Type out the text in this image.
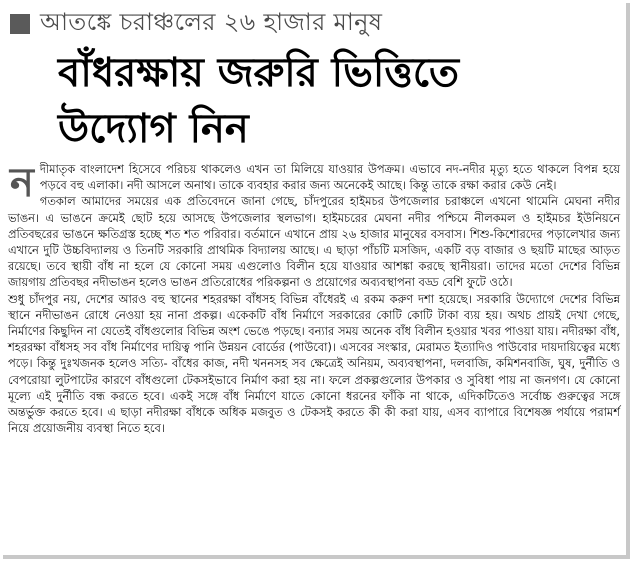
আতঙ্কে চরাঞ্চলের ২৬ হাজার মানুষ
বাঁধরক্ষায় জরুরি ভিত্তিতে
উদ্যোগ নিন

নদীমাতৃক বাংলাদেশ হিসেবে পরিচয় থাকলেও এখন তা মিলিয়ে যাওয়ার উপক্রম। এভাবে নদ-নদীর মৃত্যু হতে থাকলে বিপন্ন হয়ে পড়বে বহু এলাকা। নদী আসলে অনাথ। তাকে ব্যবহার করার জন্য অনেকেই আছে। কিন্তু তাকে রক্ষা করার কেউ নেই।

গতকাল আমাদের সময়ের এক প্রতিবেদনে জানা গেছে, চাঁদপুরের হাইমচর উপজেলার চরাঞ্চলে এখনো থামেনি মেঘনা নদীর ভাঙন। এ ভাঙনে ক্রমেই ছোট হয়ে আসছে উপজেলার স্থলভাগ। হাইমচরের মেঘনা নদীর পশ্চিমে নীলকমল ও হাইমচর ইউনিয়নে প্রতিবছরের ভাঙনে ক্ষতিগ্রস্ত হচ্ছে শত শত পরিবার। বর্তমানে এখানে প্রায় ২৬ হাজার মানুষের বসবাস। শিশু-কিশোরদের পড়ালেখার জন্য এখানে দুটি উচ্চবিদ্যালয় ও তিনটি সরকারি প্রাথমিক বিদ্যালয় আছে। এ ছাড়া পাঁচটি মসজিদ, একটি বড় বাজার ও ছয়টি মাছের আড়ত রয়েছে। তবে স্থায়ী বাঁধ না হলে যে কোনো সময় এগুলোও বিলীন হয়ে যাওয়ার আশঙ্কা করছে স্থানীয়রা। তাদের মতো দেশের বিভিন্ন জায়গায় প্রতিবছর নদীভাঙন হলেও ভাঙন প্রতিরোধের পরিকল্পনা ও প্রয়োগের অব্যবস্থাপনা বড্ড বেশি ফুটে ওঠে।

শুধু চাঁদপুর নয়, দেশের আরও বহু স্থানের শহররক্ষা বাঁধসহ বিভিন্ন বাঁধেরই এ রকম করুণ দশা হয়েছে। সরকারি উদ্যোগে দেশের বিভিন্ন স্থানে নদীভাঙন রোধে নেওয়া হয় নানা প্রকল্প। একেকটি বাঁধ নির্মাণে সরকারের কোটি কোটি টাকা ব্যয় হয়। অথচ প্রায়ই দেখা গেছে, নির্মাণের কিছুদিন না যেতেই বাঁধগুলোর বিভিন্ন অংশ ভেঙে পড়ছে। বন্যার সময় অনেক বাঁধ বিলীন হওয়ার খবর পাওয়া যায়। নদীরক্ষা বাঁধ, শহররক্ষা বাঁধসহ সব বাঁধ নির্মাণের দায়িত্ব পানি উন্নয়ন বোর্ডের (পাউবো)। এসবের সংস্কার, মেরামত ইত্যাদিও পাউবোর দায়দায়িত্বের মধ্যে পড়ে। কিন্তু দুঃখজনক হলেও সত্যি- বাঁধের কাজ, নদী খননসহ সব ক্ষেত্রেই অনিয়ম, অব্যবস্থাপনা, দলবাজি, কমিশনবাজি, ঘুষ, দুর্নীতি ও বেপরোয়া লুটপাটের কারণে বাঁধগুলো টেকসইভাবে নির্মাণ করা হয় না। ফলে প্রকল্পগুলোর উপকার ও সুবিধা পায় না জনগণ। যে কোনো মূল্যে এই দুর্নীতি বন্ধ করতে হবে। একই সঙ্গে বাঁধ নির্মাণে যাতে কোনো ধরনের ফাঁকি না থাকে, এদিকটিতেও সর্বোচ্চ গুরুত্বের সঙ্গে অন্তর্ভুক্ত করতে হবে। এ ছাড়া নদীরক্ষা বাঁধকে অধিক মজবুত ও টেকসই করতে কী কী করা যায়, এসব ব্যাপারে বিশেষজ্ঞ পর্যায়ে পরামর্শ নিয়ে প্রয়োজনীয় ব্যবস্থা নিতে হবে।
